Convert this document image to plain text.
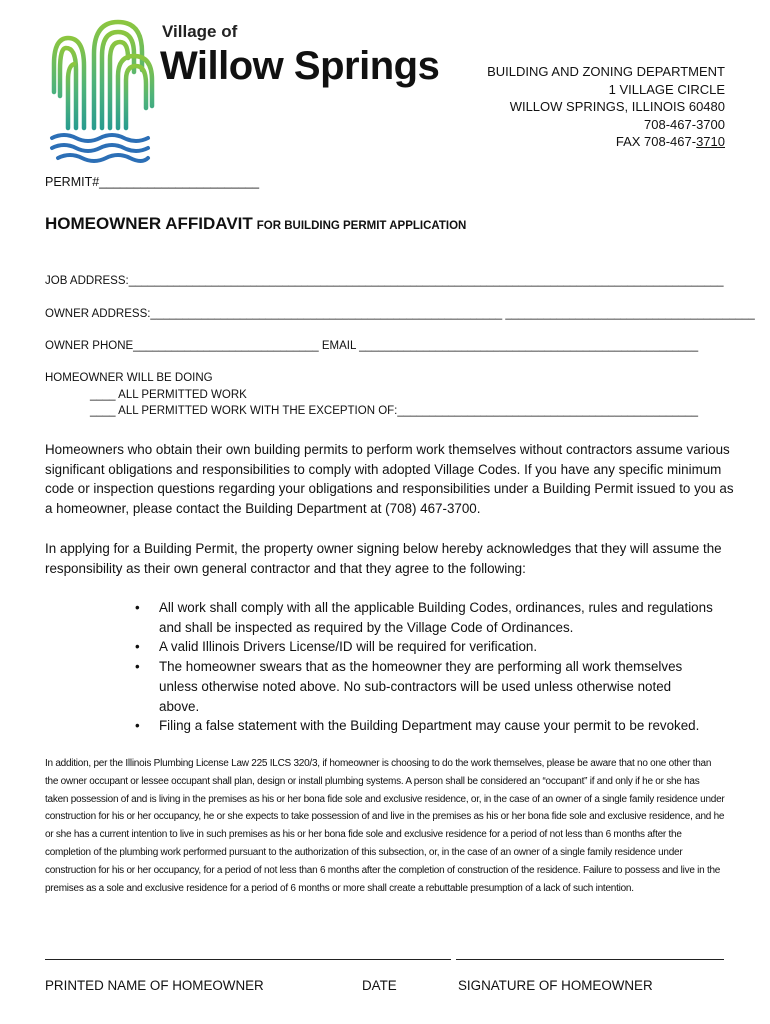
Village of
Willow Springs	BUILDING AND ZONING DEPARTMENT
1 VILLAGE CIRCLE
WILLOW SPRINGS, ILLINOIS 60480
708-467-3700
FAX 708-467-3710
PERMIT#_______________________
HOMEOWNER AFFIDAVIT FOR BUILDING PERMIT APPLICATION
JOB ADDRESS:_____________________________________________________________________________________________
OWNER ADDRESS:_______________________________________________________ _______________________________________
OWNER PHONE_____________________________ EMAIL _____________________________________________________
HOMEOWNER WILL BE DOING
____ ALL PERMITTED WORK
____ ALL PERMITTED WORK WITH THE EXCEPTION OF:_______________________________________________
Homeowners who obtain their own building permits to perform work themselves without contractors assume various significant obligations and responsibilities to comply with adopted Village Codes. If you have any specific minimum code or inspection questions regarding your obligations and responsibilities under a Building Permit issued to you as a homeowner, please contact the Building Department at (708) 467-3700.
In applying for a Building Permit, the property owner signing below hereby acknowledges that they will assume the responsibility as their own general contractor and that they agree to the following:
• All work shall comply with all the applicable Building Codes, ordinances, rules and regulations and shall be inspected as required by the Village Code of Ordinances.
• A valid Illinois Drivers License/ID will be required for verification.
• The homeowner swears that as the homeowner they are performing all work themselves unless otherwise noted above. No sub-contractors will be used unless otherwise noted above.
• Filing a false statement with the Building Department may cause your permit to be revoked.
In addition, per the Illinois Plumbing License Law 225 ILCS 320/3, if homeowner is choosing to do the work themselves, please be aware that no one other than the owner occupant or lessee occupant shall plan, design or install plumbing systems. A person shall be considered an “occupant” if and only if he or she has taken possession of and is living in the premises as his or her bona fide sole and exclusive residence, or, in the case of an owner of a single family residence under construction for his or her occupancy, he or she expects to take possession of and live in the premises as his or her bona fide sole and exclusive residence, and he or she has a current intention to live in such premises as his or her bona fide sole and exclusive residence for a period of not less than 6 months after the completion of the plumbing work performed pursuant to the authorization of this subsection, or, in the case of an owner of a single family residence under construction for his or her occupancy, for a period of not less than 6 months after the completion of construction of the residence. Failure to possess and live in the premises as a sole and exclusive residence for a period of 6 months or more shall create a rebuttable presumption of a lack of such intention.
PRINTED NAME OF HOMEOWNER	DATE	SIGNATURE OF HOMEOWNER
